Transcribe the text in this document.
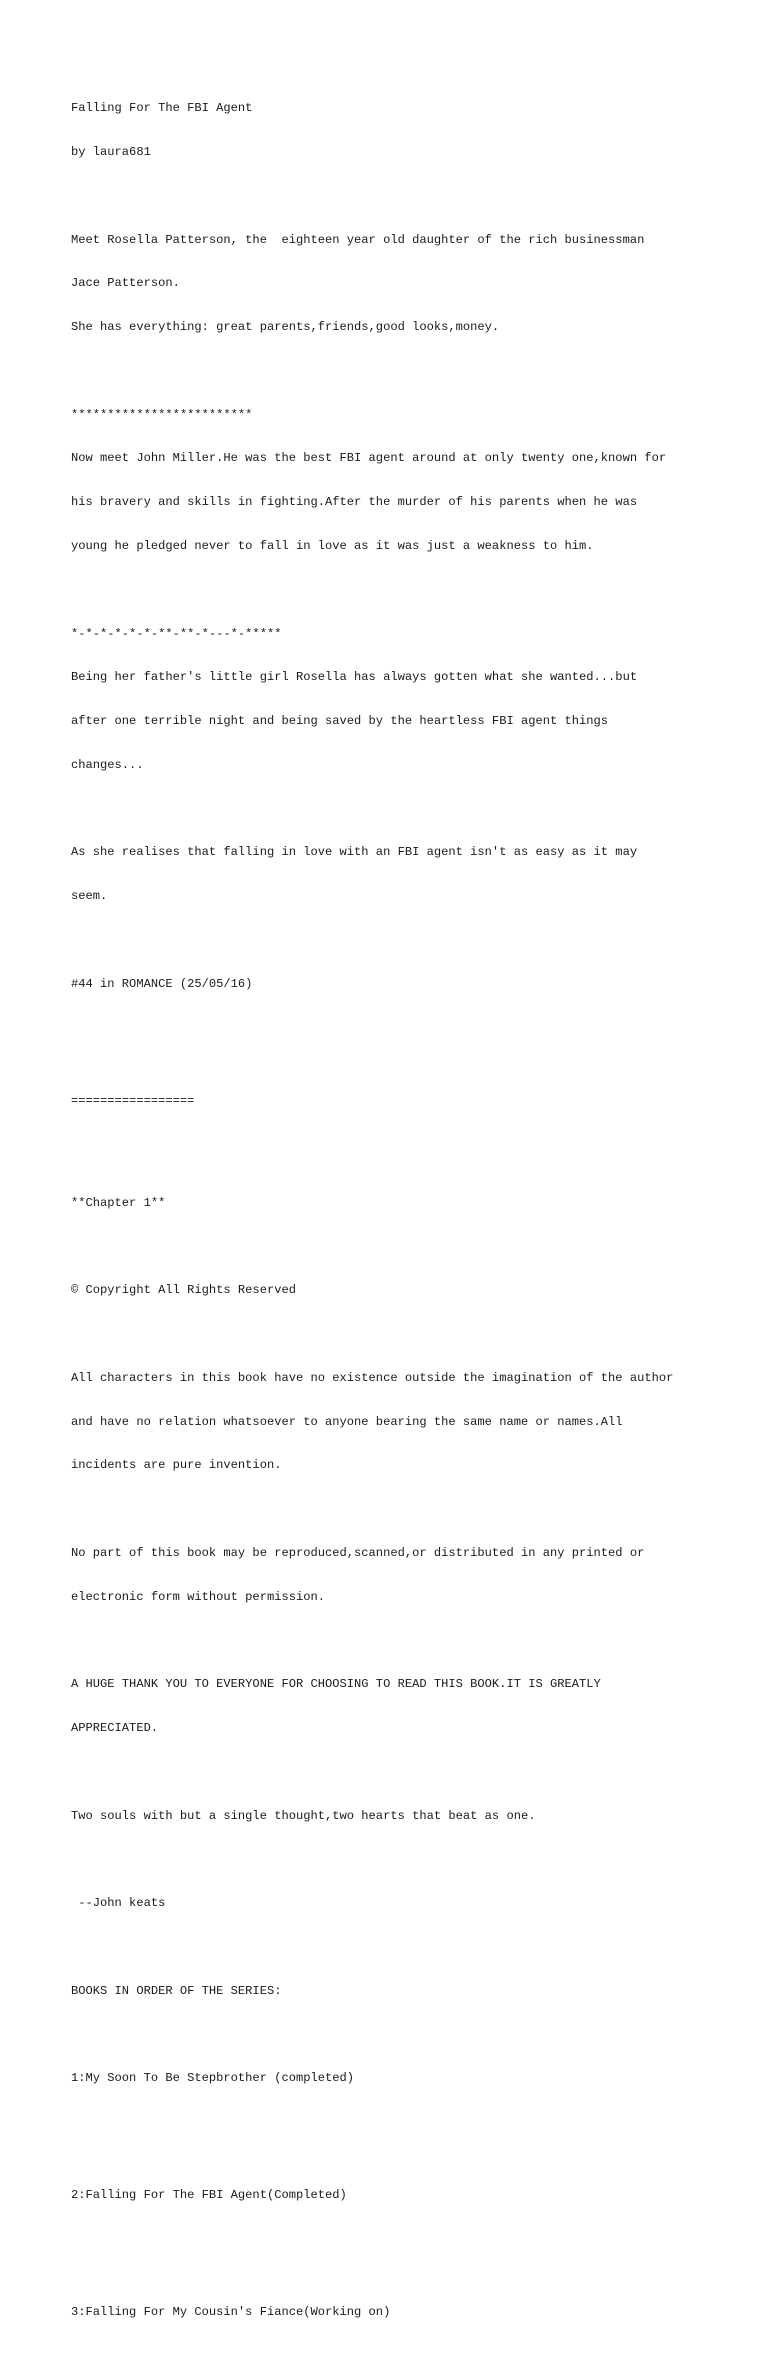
Falling For The FBI Agent

by laura681

Meet Rosella Patterson, the  eighteen year old daughter of the rich businessman

Jace Patterson.

She has everything: great parents,friends,good looks,money.

*************************

Now meet John Miller.He was the best FBI agent around at only twenty one,known for

his bravery and skills in fighting.After the murder of his parents when he was

young he pledged never to fall in love as it was just a weakness to him.

*-*-*-*-*-*-**-**-*---*-*****

Being her father's little girl Rosella has always gotten what she wanted...but

after one terrible night and being saved by the heartless FBI agent things

changes...

As she realises that falling in love with an FBI agent isn't as easy as it may

seem.

#44 in ROMANCE (25/05/16)

=================

**Chapter 1**

© Copyright All Rights Reserved

All characters in this book have no existence outside the imagination of the author

and have no relation whatsoever to anyone bearing the same name or names.All

incidents are pure invention.

No part of this book may be reproduced,scanned,or distributed in any printed or

electronic form without permission.

A HUGE THANK YOU TO EVERYONE FOR CHOOSING TO READ THIS BOOK.IT IS GREATLY

APPRECIATED.

Two souls with but a single thought,two hearts that beat as one.

--John keats

BOOKS IN ORDER OF THE SERIES:

1:My Soon To Be Stepbrother (completed)

2:Falling For The FBI Agent(Completed)

3:Falling For My Cousin's Fiance(Working on)
